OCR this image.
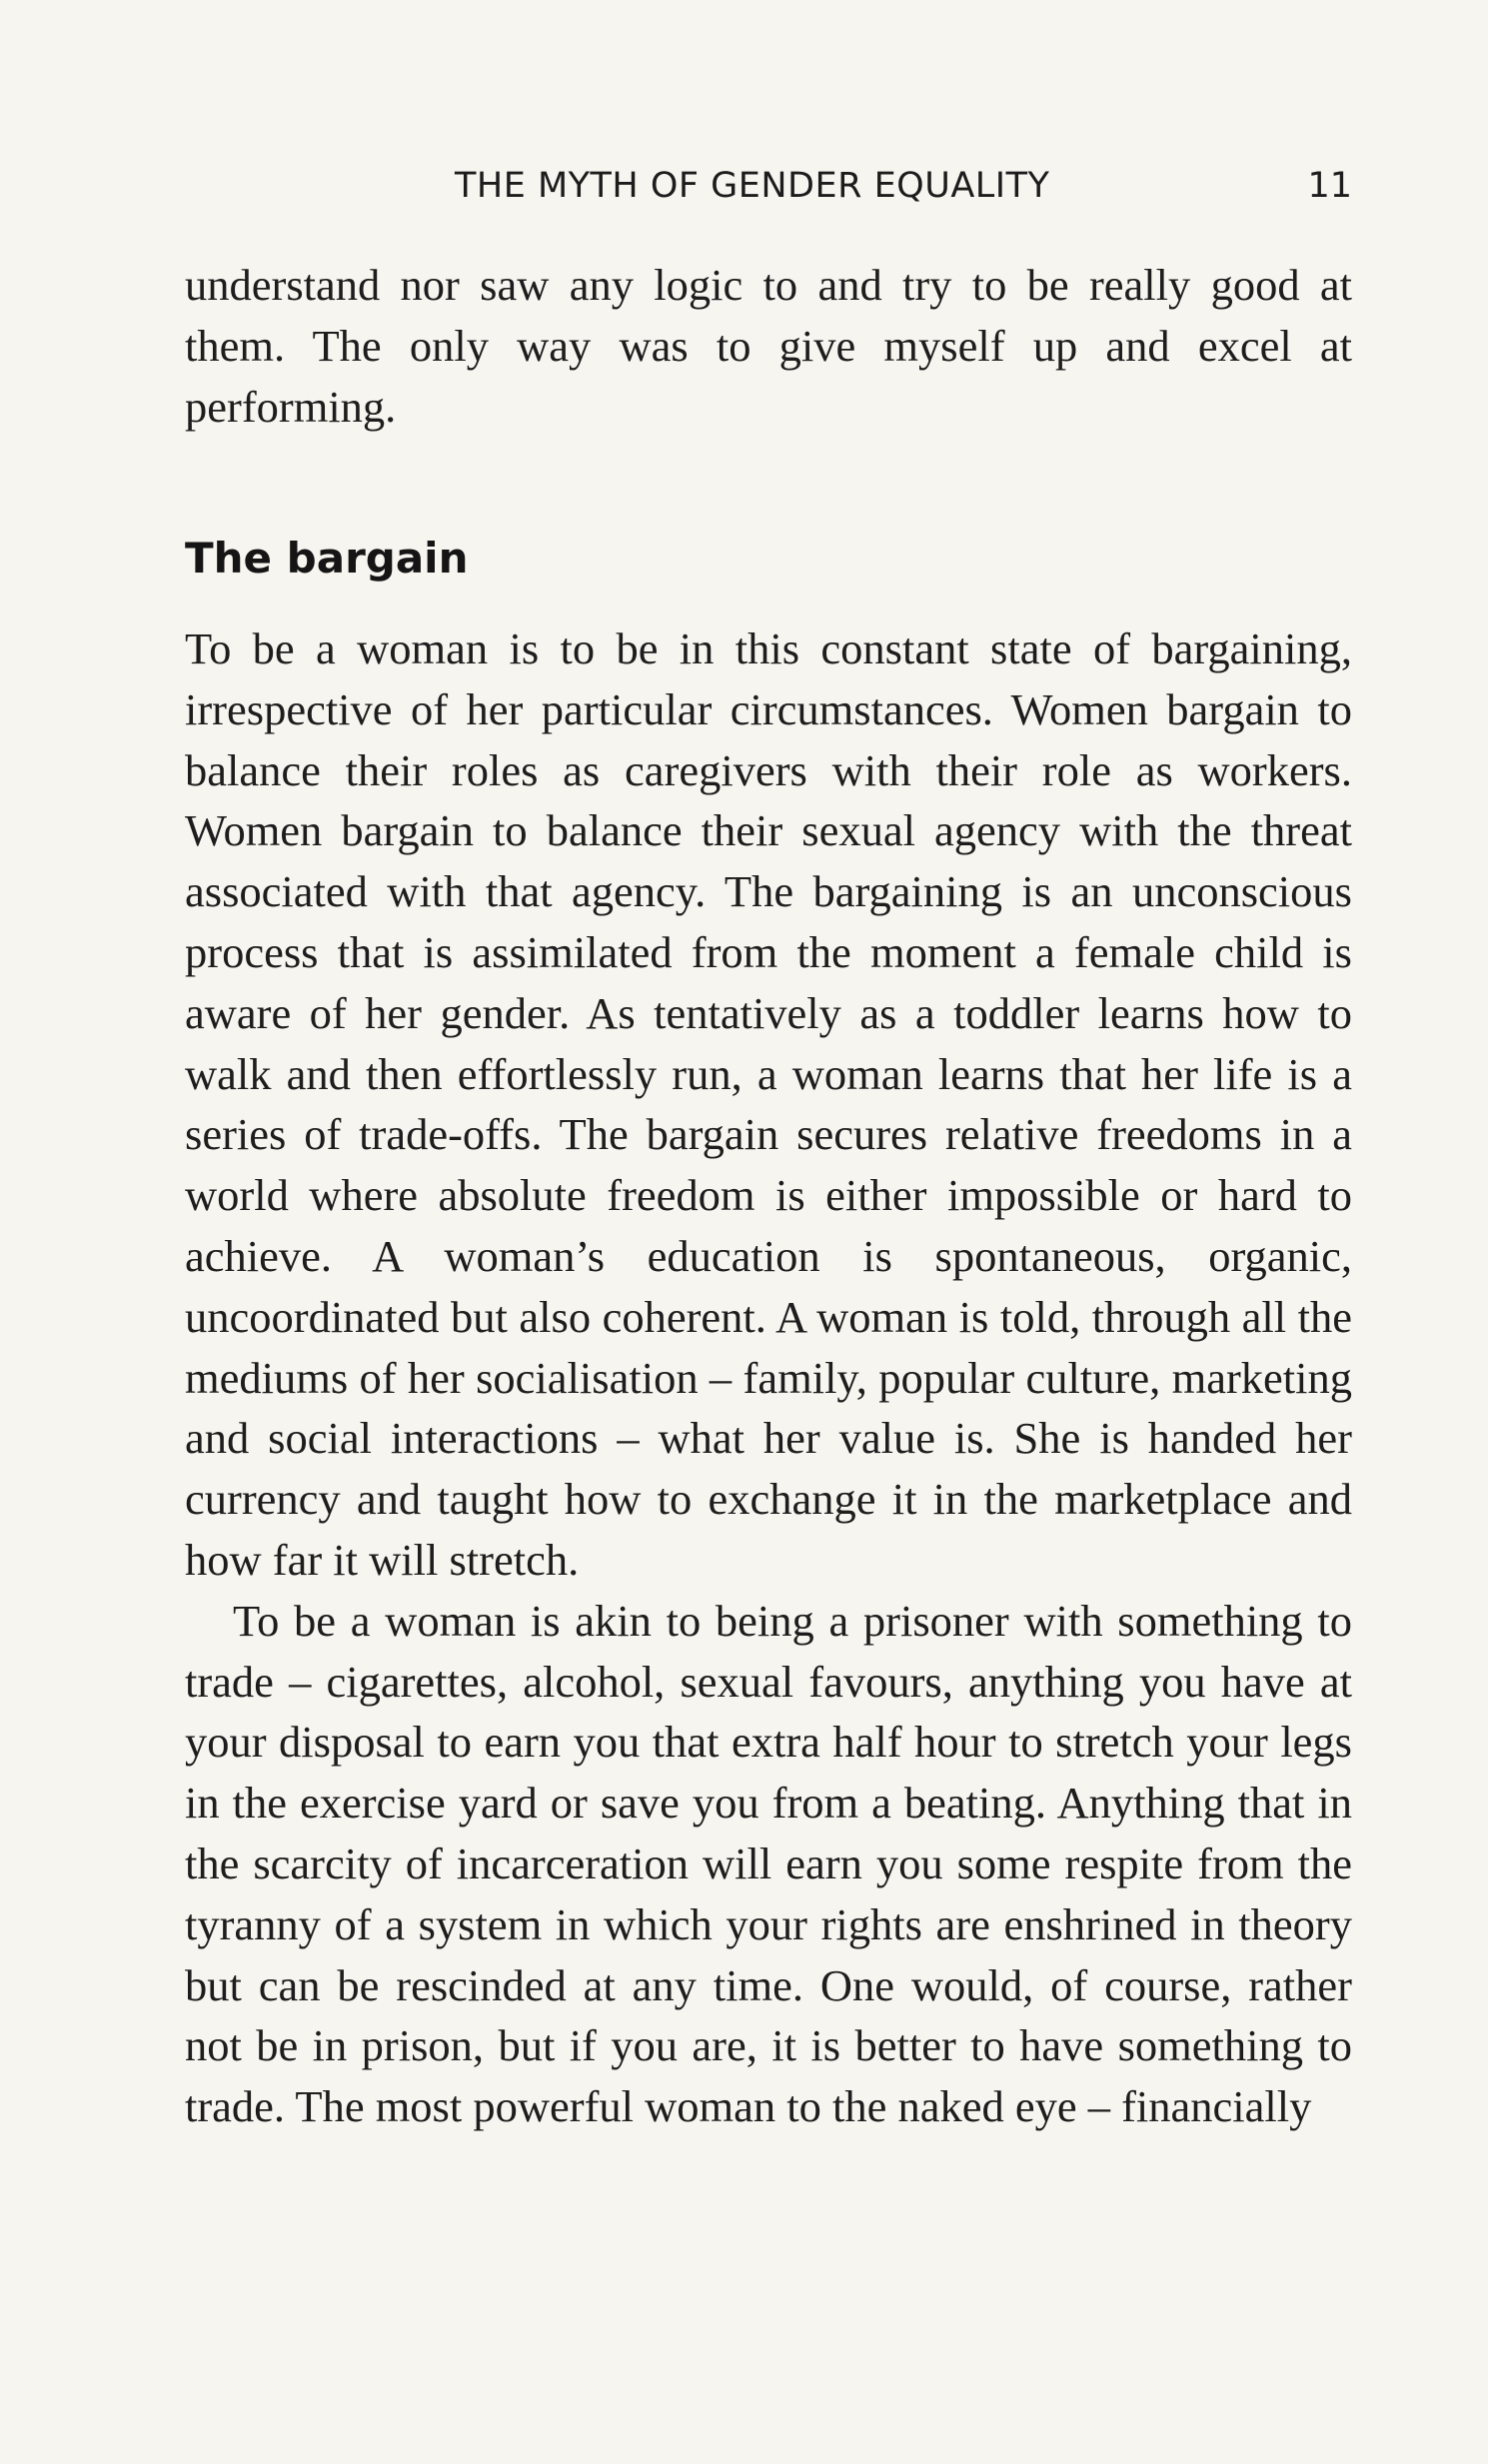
THE MYTH OF GENDER EQUALITY	11

understand nor saw any logic to and try to be really good at them. The only way was to give myself up and excel at performing.

The bargain

To be a woman is to be in this constant state of bargaining, irrespective of her particular circumstances. Women bargain to balance their roles as caregivers with their role as workers. Women bargain to balance their sexual agency with the threat associated with that agency. The bargaining is an unconscious process that is assimilated from the moment a female child is aware of her gender. As tentatively as a toddler learns how to walk and then effortlessly run, a woman learns that her life is a series of trade-offs. The bargain secures relative freedoms in a world where absolute freedom is either impossible or hard to achieve. A woman’s education is spontaneous, organic, uncoordinated but also coherent. A woman is told, through all the mediums of her socialisation – family, popular culture, marketing and social interactions – what her value is. She is handed her currency and taught how to exchange it in the marketplace and how far it will stretch.

To be a woman is akin to being a prisoner with something to trade – cigarettes, alcohol, sexual favours, anything you have at your disposal to earn you that extra half hour to stretch your legs in the exercise yard or save you from a beating. Anything that in the scarcity of incarceration will earn you some respite from the tyranny of a system in which your rights are enshrined in theory but can be rescinded at any time. One would, of course, rather not be in prison, but if you are, it is better to have something to trade. The most powerful woman to the naked eye – financially
